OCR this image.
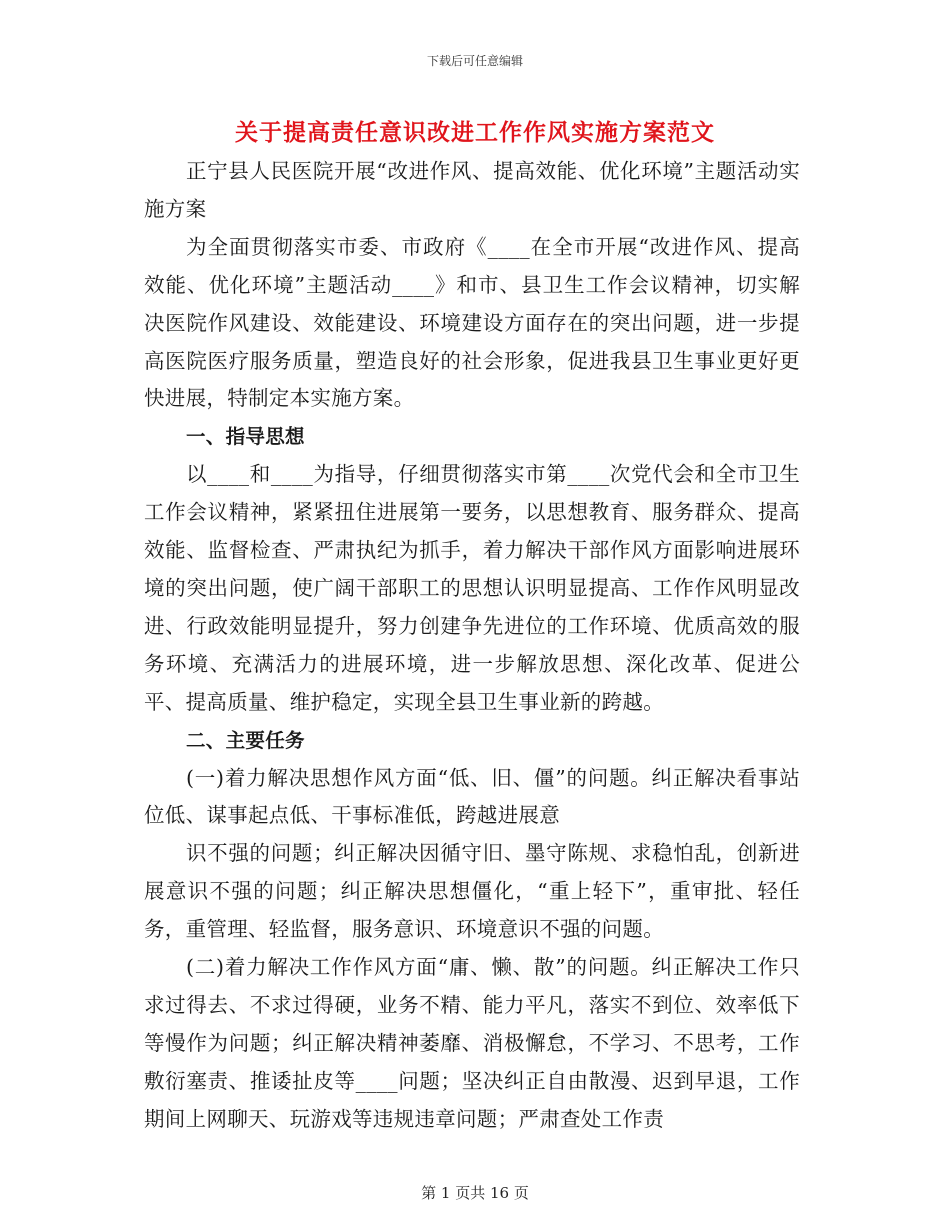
下载后可任意编辑
关于提高责任意识改进工作作风实施方案范文

正宁县人民医院开展“改进作风、提高效能、优化环境”主题活动实施方案

为全面贯彻落实市委、市政府《____在全市开展“改进作风、提高效能、优化环境”主题活动____》和市、县卫生工作会议精神，切实解决医院作风建设、效能建设、环境建设方面存在的突出问题，进一步提高医院医疗服务质量，塑造良好的社会形象，促进我县卫生事业更好更快进展，特制定本实施方案。

一、指导思想

以____和____为指导，仔细贯彻落实市第____次党代会和全市卫生工作会议精神，紧紧扭住进展第一要务，以思想教育、服务群众、提高效能、监督检查、严肃执纪为抓手，着力解决干部作风方面影响进展环境的突出问题，使广阔干部职工的思想认识明显提高、工作作风明显改进、行政效能明显提升，努力创建争先进位的工作环境、优质高效的服务环境、充满活力的进展环境，进一步解放思想、深化改革、促进公平、提高质量、维护稳定，实现全县卫生事业新的跨越。

二、主要任务

(一)着力解决思想作风方面“低、旧、僵”的问题。纠正解决看事站位低、谋事起点低、干事标准低，跨越进展意

识不强的问题；纠正解决因循守旧、墨守陈规、求稳怕乱，创新进展意识不强的问题；纠正解决思想僵化，“重上轻下”，重审批、轻任务，重管理、轻监督，服务意识、环境意识不强的问题。

(二)着力解决工作作风方面“庸、懒、散”的问题。纠正解决工作只求过得去、不求过得硬，业务不精、能力平凡，落实不到位、效率低下等慢作为问题；纠正解决精神萎靡、消极懈怠，不学习、不思考，工作敷衍塞责、推诿扯皮等____问题；坚决纠正自由散漫、迟到早退，工作期间上网聊天、玩游戏等违规违章问题；严肃查处工作责

第 1 页共 16 页
